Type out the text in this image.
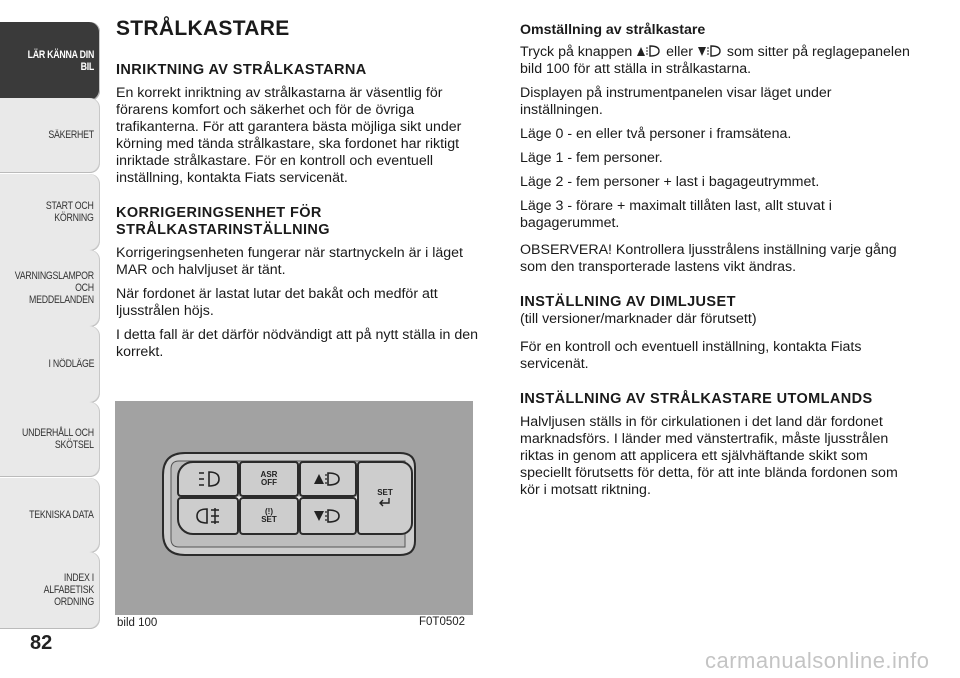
LÄR KÄNNA DIN
BIL
SÄKERHET
START OCH
KÖRNING
VARNINGSLAMPOR
OCH
MEDDELANDEN
I NÖDLÄGE
UNDERHÅLL OCH
SKÖTSEL
TEKNISKA DATA
INDEX I ALFABETISK
ORDNING
82
STRÅLKASTARE
INRIKTNING AV STRÅLKASTARNA

En korrekt inriktning av strålkastarna är väsentlig för förarens komfort och säkerhet och för de övriga trafikanterna. För att garantera bästa möjliga sikt under körning med tända strålkastare, ska fordonet har riktigt inriktade strålkastare. För en kontroll och eventuell inställning, kontakta Fiats servicenät.

KORRIGERINGSENHET FÖR STRÅLKASTARINSTÄLLNING

Korrigeringsenheten fungerar när startnyckeln är i läget MAR och halvljuset är tänt.

När fordonet är lastat lutar det bakåt och medför att ljusstrålen höjs.

I detta fall är det därför nödvändigt att på nytt ställa in den korrekt.

ASR
OFF
(!)
SET
SET
bild 100	F0T0502
Omställning av strålkastare

Tryck på knappen eller som sitter på reglagepanelen bild 100 för att ställa in strålkastarna.

Displayen på instrumentpanelen visar läget under inställningen.

Läge 0 - en eller två personer i framsätena.

Läge 1 - fem personer.

Läge 2 - fem personer + last i bagageutrymmet.

Läge 3 - förare + maximalt tillåten last, allt stuvat i bagagerummet.

OBSERVERA! Kontrollera ljusstrålens inställning varje gång som den transporterade lastens vikt ändras.

INSTÄLLNING AV DIMLJUSET

(till versioner/marknader där förutsett)

För en kontroll och eventuell inställning, kontakta Fiats servicenät.

INSTÄLLNING AV STRÅLKASTARE UTOMLANDS

Halvljusen ställs in för cirkulationen i det land där fordonet marknadsförs. I länder med vänstertrafik, måste ljusstrålen riktas in genom att applicera ett självhäftande skikt som speciellt förutsetts för detta, för att inte blända fordonen som kör i motsatt riktning.

carmanualsonline.info
